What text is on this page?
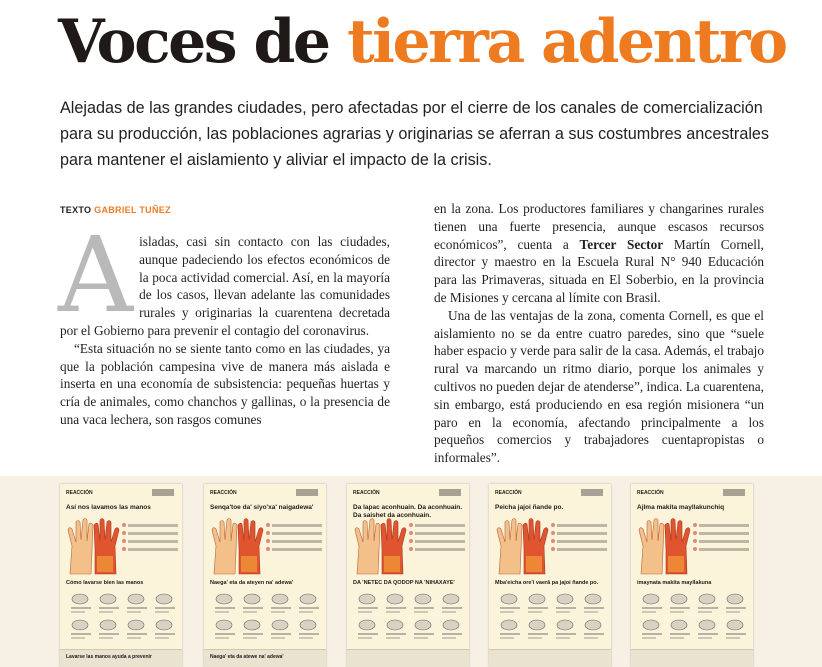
Voces de tierra adentro

Alejadas de las grandes ciudades, pero afectadas por el cierre de los canales de comercialización para su producción, las poblaciones agrarias y originarias se aferran a sus costumbres ancestrales para mantener el aislamiento y aliviar el impacto de la crisis.

TEXTO GABRIEL TUÑEZ

Aisladas, casi sin contacto con las ciudades, aunque padeciendo los efectos económicos de la poca actividad comercial. Así, en la mayoría de los casos, llevan adelante las comunidades rurales y originarias la cuarentena decretada por el Gobierno para prevenir el contagio del coronavirus.

“Esta situación no se siente tanto como en las ciudades, ya que la población campesina vive de manera más aislada e inserta en una economía de subsistencia: pequeñas huertas y cría de animales, como chanchos y gallinas, o la presencia de una vaca lechera, son rasgos comunes

en la zona. Los productores familiares y changarines rurales tienen una fuerte presencia, aunque escasos recursos económicos”, cuenta a Tercer Sector Martín Cornell, director y maestro en la Escuela Rural N° 940 Educación para las Primaveras, situada en El Soberbio, en la provincia de Misiones y cercana al límite con Brasil.

Una de las ventajas de la zona, comenta Cornell, es que el aislamiento no se da entre cuatro paredes, sino que “suele haber espacio y verde para salir de la casa. Además, el trabajo rural va marcando un ritmo diario, porque los animales y cultivos no pueden dejar de atenderse”, indica. La cuarentena, sin embargo, está produciendo en esa región misionera “un paro en la economía, afectando principalmente a los pequeños comercios y trabajadores cuentapropistas o informales”.

REACCIÓN
Así nos lavamos las manos
Cómo lavarse bien las manos
Lavarse las manos ayuda a prevenir
REACCIÓN
Senqa'toe da' siyo'xa' naigadewa'
Naega' eta da ateyen na' adewa'
Naega' eta da atewe na' adewa'
REACCIÓN
Da lapac aconhuain. Da aconhuain. Da saishet da aconhuain.
DA 'NETEC DA QODOP NA 'NIHAXAYE'
REACCIÓN
Peicha jajoi ñande po.
Mba'eicha ore'i vaerã pa jajoi ñande po.
REACCIÓN
Ajlma makita mayllakunchiq
imaynata makita mayllakuna
